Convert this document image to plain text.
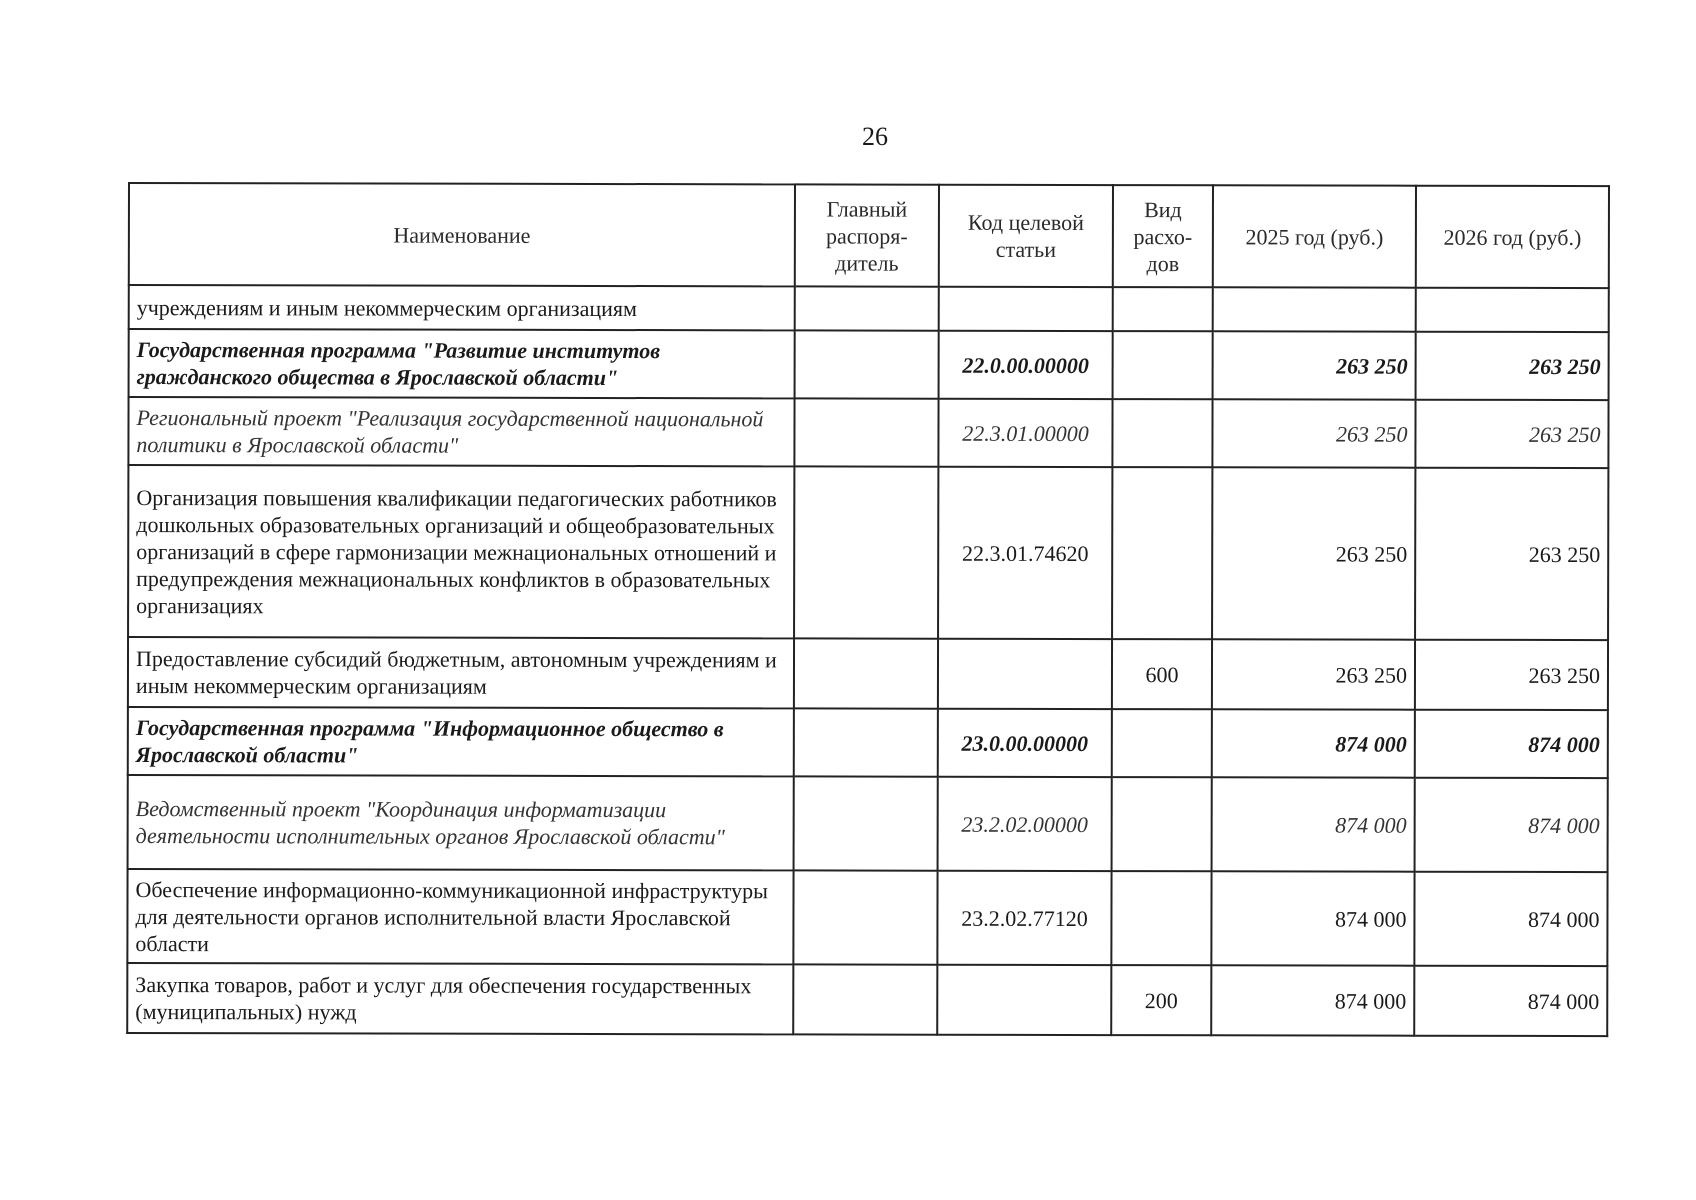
26
Наименование	Главный распоря-дитель	Код целевой статьи	Вид расхо-дов	2025 год (руб.)	2026 год (руб.)
учреждениям и иным некоммерческим организациям					
Государственная программа "Развитие институтов гражданского общества в Ярославской области"		22.0.00.00000		263 250	263 250
Региональный проект "Реализация государственной национальной политики в Ярославской области"		22.3.01.00000		263 250	263 250
Организация повышения квалификации педагогических работников дошкольных образовательных организаций и общеобразовательных организаций в сфере гармонизации межнациональных отношений и предупреждения межнациональных конфликтов в образовательных организациях		22.3.01.74620		263 250	263 250
Предоставление субсидий бюджетным, автономным учреждениям и иным некоммерческим организациям			600	263 250	263 250
Государственная программа "Информационное общество в Ярославской области"		23.0.00.00000		874 000	874 000
Ведомственный проект "Координация информатизации деятельности исполнительных органов Ярославской области"		23.2.02.00000		874 000	874 000
Обеспечение информационно-коммуникационной инфраструктуры для деятельности органов исполнительной власти Ярославской области		23.2.02.77120		874 000	874 000
Закупка товаров, работ и услуг для обеспечения государственных (муниципальных) нужд			200	874 000	874 000
